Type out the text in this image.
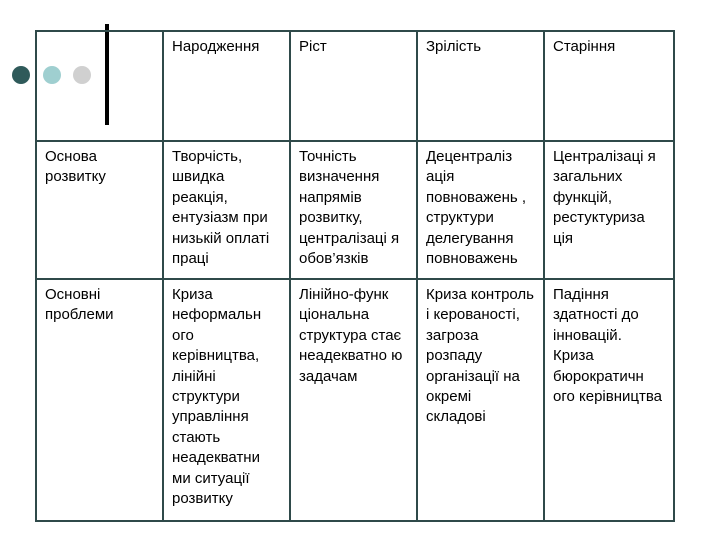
	Народження	Ріст	Зрілість	Старіння
Основа розвитку	Творчість, швидка реакція, ентузіазм при низькій оплаті праці	Точність визначення напрямів розвитку, централізаці я обов’язків	Децентраліз ація повноважень , структури делегування повноважень	Централізаці я загальних функцій, рестуктуриза ція
Основні проблеми	Криза неформальн ого керівництва, лінійні структури управління стають неадекватни ми ситуації розвитку	Лінійно-функ ціональна структура стає неадекватно ю задачам	Криза контроль і керованості, загроза розпаду організації на окремі складові	Падіння здатності до інновацій. Криза бюрократичн ого керівництва
